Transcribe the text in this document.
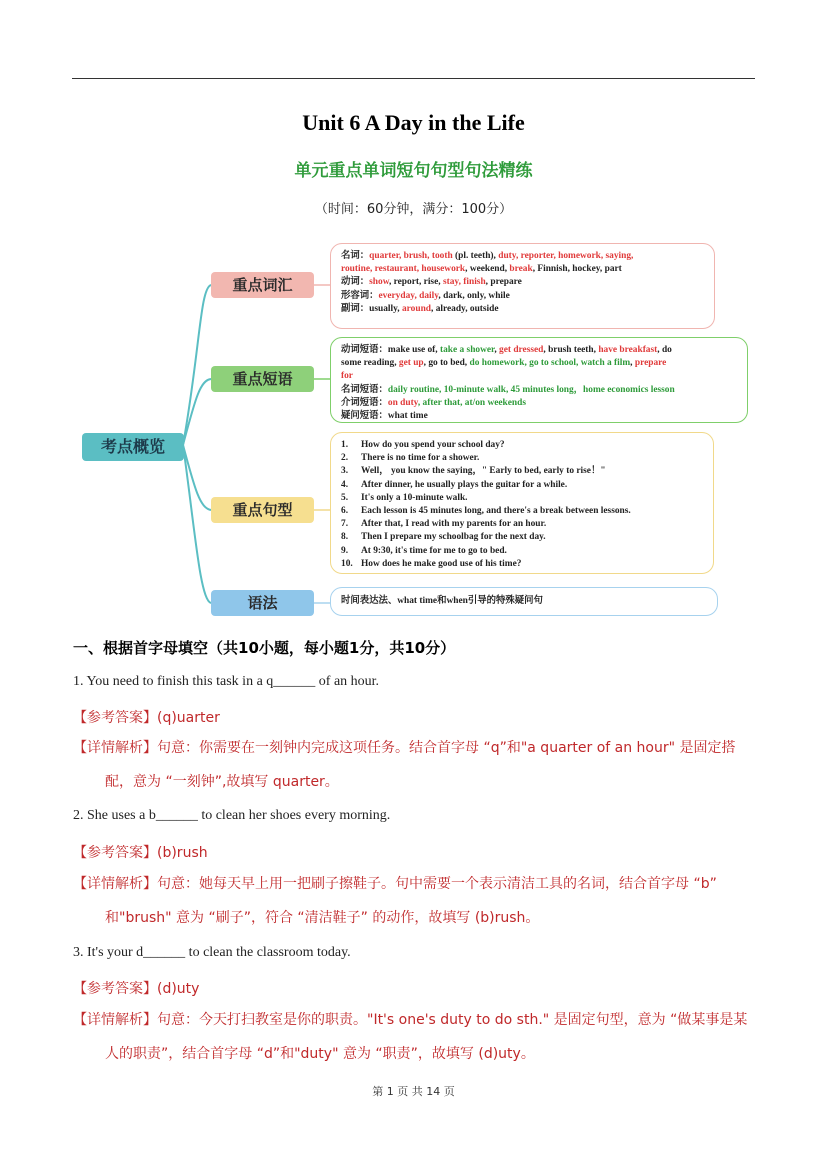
Unit 6 A Day in the Life
单元重点单词短句句型句法精练
（时间：60分钟，满分：100分）
考点概览
重点词汇
重点短语
重点句型
语法
名词：quarter, brush, tooth (pl. teeth), duty, reporter, homework, saying,
routine, restaurant, housework, weekend, break, Finnish, hockey, part
动词：show, report, rise, stay, finish, prepare
形容词：everyday, daily, dark, only, while
副词：usually, around, already, outside
动词短语：make use of, take a shower, get dressed, brush teeth, have breakfast, do
some reading, get up, go to bed, do homework, go to school, watch a film, prepare
for
名词短语：daily routine, 10-minute walk, 45 minutes long，home economics lesson
介词短语：on duty, after that, at/on weekends
疑问短语：what time
1.	How do you spend your school day?
2.	There is no time for a shower.
3.	Well， you know the saying，" Early to bed, early to rise！"
4.	After dinner, he usually plays the guitar for a while.
5.	It's only a 10-minute walk.
6.	Each lesson is 45 minutes long, and there's a break between lessons.
7.	After that, I read with my parents for an hour.
8.	Then I prepare my schoolbag for the next day.
9.	At 9:30, it's time for me to go to bed.
10. How does he make good use of his time?
时间表达法、what time和when引导的特殊疑问句
一、根据首字母填空（共10小题，每小题1分，共10分）
1. You need to finish this task in a q______ of an hour.
【参考答案】(q)uarter
【详情解析】句意：你需要在一刻钟内完成这项任务。结合首字母 “q”和"a quarter of an hour" 是固定搭
配，意为 “一刻钟”,故填写 quarter。
2. She uses a b______ to clean her shoes every morning.
【参考答案】(b)rush
【详情解析】句意：她每天早上用一把刷子擦鞋子。句中需要一个表示清洁工具的名词，结合首字母 “b”
和"brush" 意为 “刷子”，符合 “清洁鞋子” 的动作，故填写 (b)rush。
3. It's your d______ to clean the classroom today.
【参考答案】(d)uty
【详情解析】句意：今天打扫教室是你的职责。"It's one's duty to do sth." 是固定句型，意为 “做某事是某
人的职责”，结合首字母 “d”和"duty" 意为 “职责”，故填写 (d)uty。
第 1 页 共 14 页
